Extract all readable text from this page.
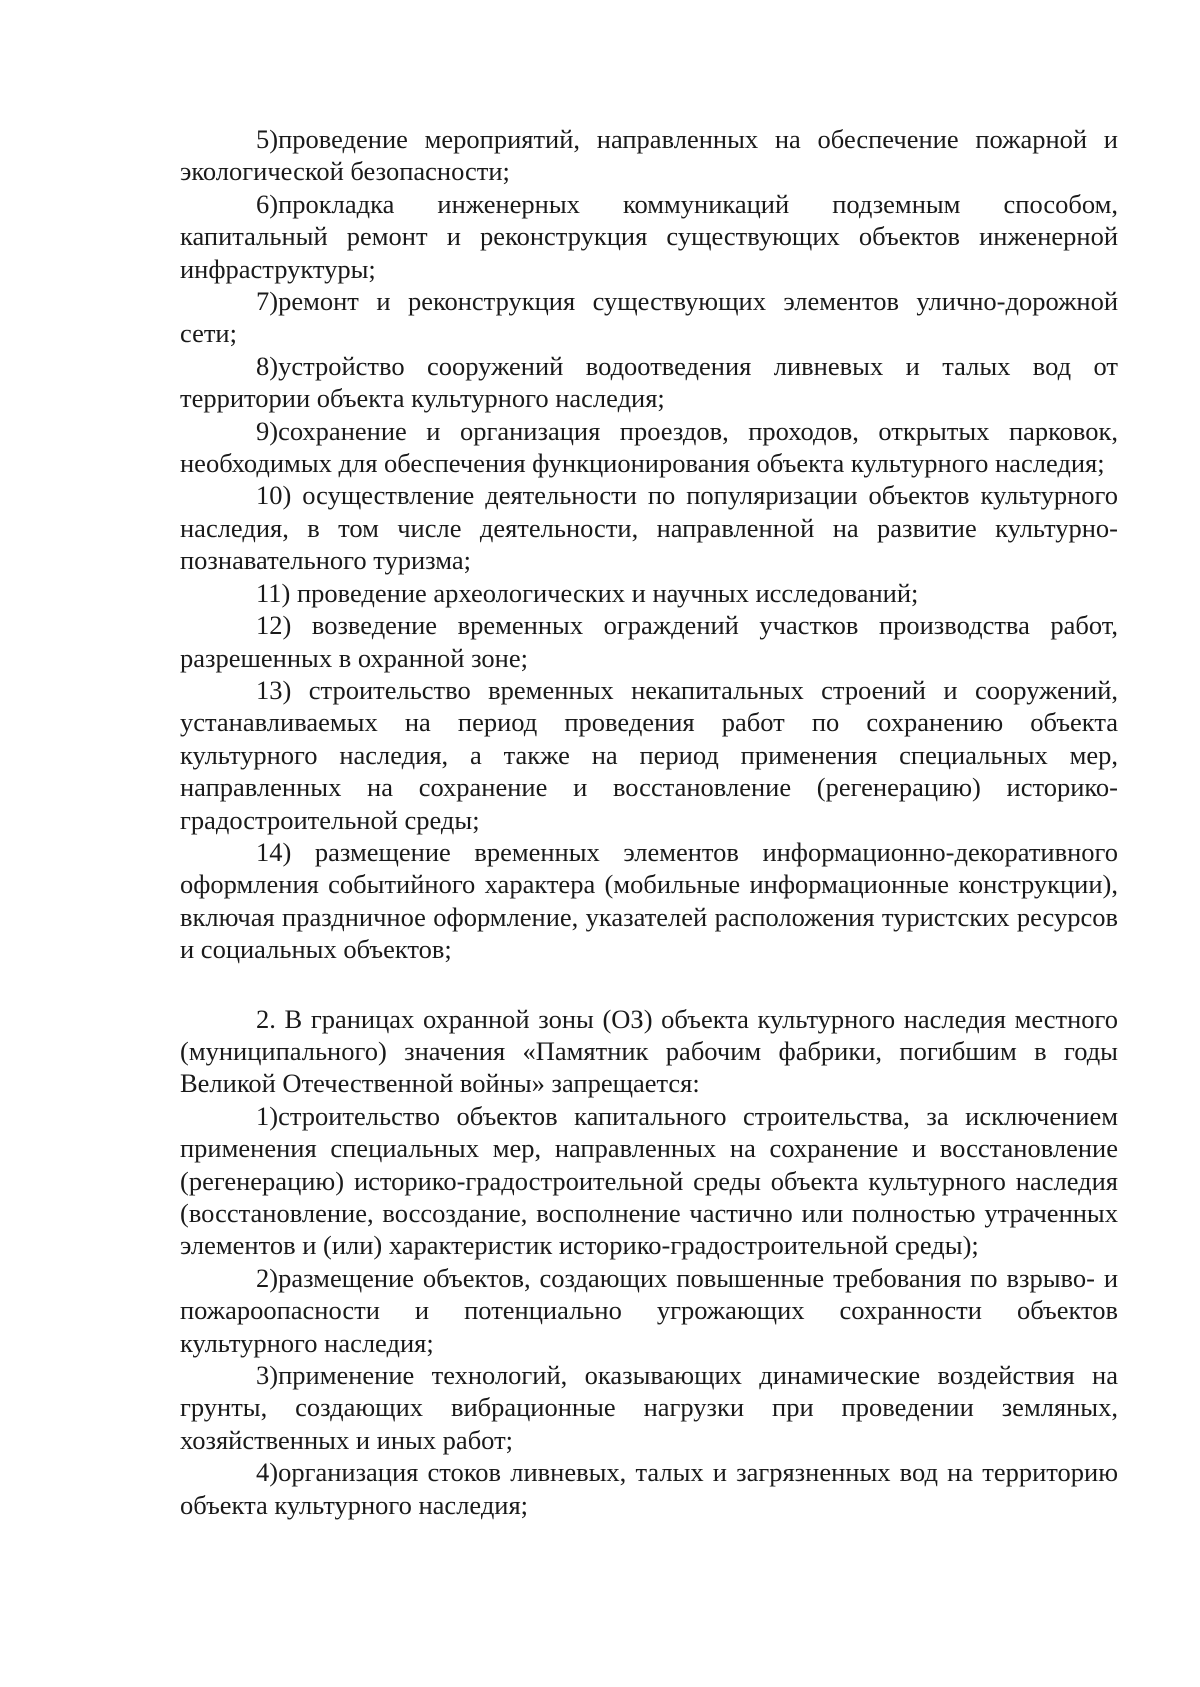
5)проведение мероприятий, направленных на обеспечение пожарной и экологической безопасности;

6)прокладка инженерных коммуникаций подземным способом, капитальный ремонт и реконструкция существующих объектов инженерной инфраструктуры;

7)ремонт и реконструкция существующих элементов улично-дорожной сети;

8)устройство сооружений водоотведения ливневых и талых вод от территории объекта культурного наследия;

9)сохранение и организация проездов, проходов, открытых парковок, необходимых для обеспечения функционирования объекта культурного наследия;

10) осуществление деятельности по популяризации объектов культурного наследия, в том числе деятельности, направленной на развитие культурно-познавательного туризма;

11) проведение археологических и научных исследований;

12) возведение временных ограждений участков производства работ, разрешенных в охранной зоне;

13) строительство временных некапитальных строений и сооружений, устанавливаемых на период проведения работ по сохранению объекта культурного наследия, а также на период применения специальных мер, направленных на сохранение и восстановление (регенерацию) историко-градостроительной среды;

14) размещение временных элементов информационно-декоративного оформления событийного характера (мобильные информационные конструкции), включая праздничное оформление, указателей расположения туристских ресурсов и социальных объектов;

2. В границах охранной зоны (ОЗ) объекта культурного наследия местного (муниципального) значения «Памятник рабочим фабрики, погибшим в годы Великой Отечественной войны» запрещается:

1)строительство объектов капитального строительства, за исключением применения специальных мер, направленных на сохранение и восстановление (регенерацию) историко-градостроительной среды объекта культурного наследия (восстановление, воссоздание, восполнение частично или полностью утраченных элементов и (или) характеристик историко-градостроительной среды);

2)размещение объектов, создающих повышенные требования по взрыво- и пожароопасности и потенциально угрожающих сохранности объектов культурного наследия;

3)применение технологий, оказывающих динамические воздействия на грунты, создающих вибрационные нагрузки при проведении земляных, хозяйственных и иных работ;

4)организация стоков ливневых, талых и загрязненных вод на территорию объекта культурного наследия;
